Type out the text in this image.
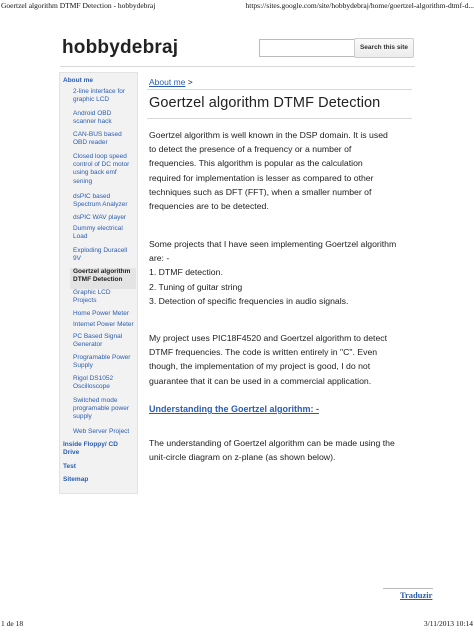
Goertzel algorithm DTMF Detection - hobbydebraj	https://sites.google.com/site/hobbydebraj/home/goertzel-algorithm-dtmf-d...
hobbydebraj	Search this site
About me
2-line interface for
graphic LCD
Android OBD
scanner hack
CAN-BUS based
OBD reader
Closed loop speed
control of DC motor
using back emf
sening
dsPIC based
Spectrum Analyzer
dsPIC WAV player
Dummy electrical
Load
Exploding Duracell
9V
Goertzel algorithm
DTMF Detection
Graphic LCD
Projects
Home Power Meter
Internet Power Meter
PC Based Signal
Generator
Programable Power
Supply
Rigol DS1052
Oscilloscope
Switched mode
programable power
supply
Web Server Project
Inside Floppy/ CD
Drive
Test
Sitemap
About me >
Goertzel algorithm DTMF Detection
Goertzel algorithm is well known in the DSP domain. It is used
to detect the presence of a frequency or a number of
frequencies. This algorithm is popular as the calculation
required for implementation is lesser as compared to other
techniques such as DFT (FFT), when a smaller number of
frequencies are to be detected.
Some projects that I have seen implementing Goertzel algorithm
are: -
1. DTMF detection.
2. Tuning of guitar string
3. Detection of specific frequencies in audio signals.
My project uses PIC18F4520 and Goertzel algorithm to detect
DTMF frequencies. The code is written entirely in "C". Even
though, the implementation of my project is good, I do not
guarantee that it can be used in a commercial application.
Understanding the Goertzel algorithm: -
The understanding of Goertzel algorithm can be made using the
unit-circle diagram on z-plane (as shown below).
Traduzir
1 de 18	3/11/2013 10:14
